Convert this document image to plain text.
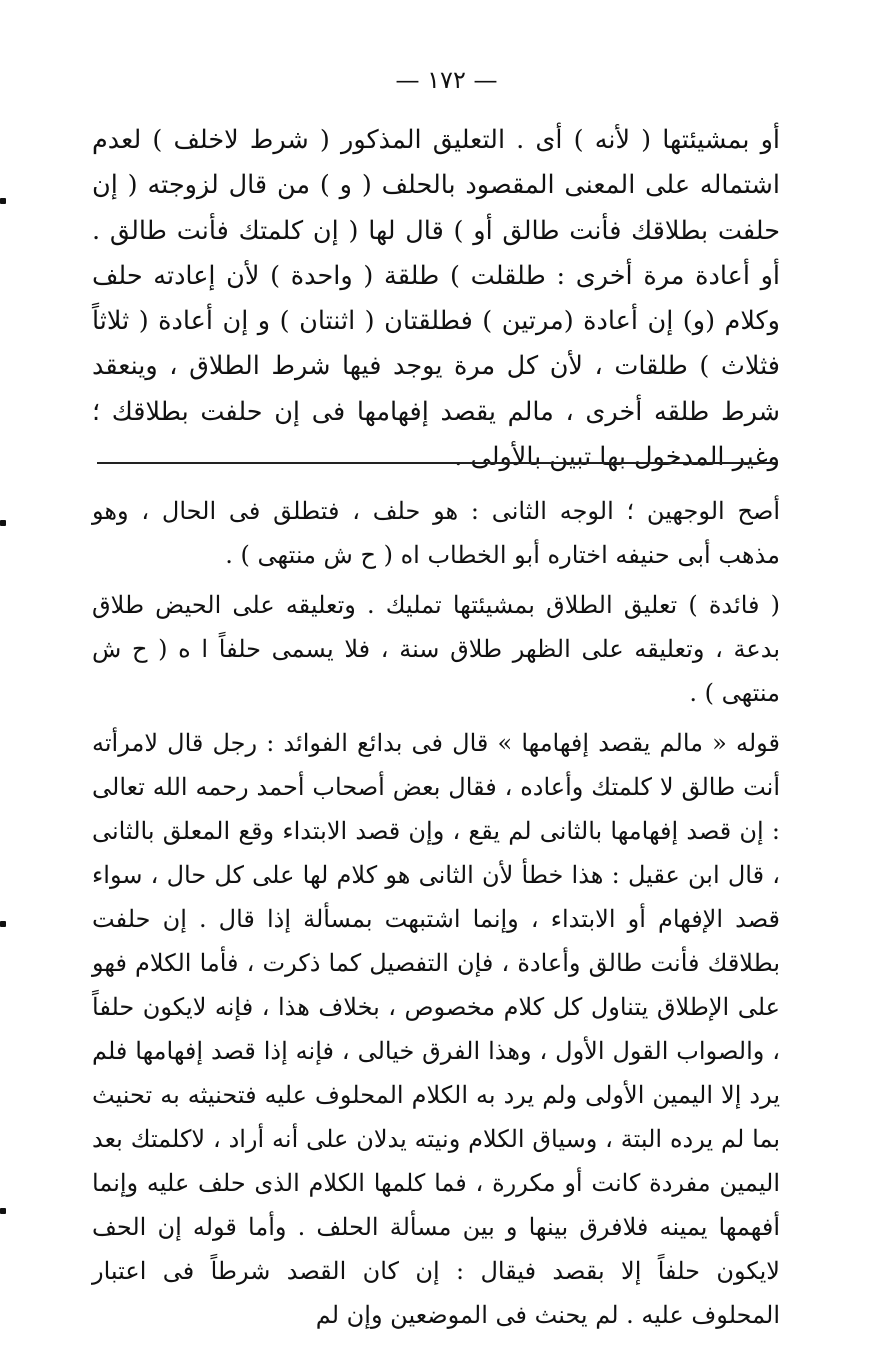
— ١٧٢ —

أو بمشيئتها ( لأنه ) أى . التعليق المذكور ( شرط لاخلف ) لعدم اشتماله على المعنى المقصود بالحلف ( و ) من قال لزوجته ( إن حلفت بطلاقك فأنت طالق أو ) قال لها ( إن كلمتك فأنت طالق . أو أعادة مرة أخرى : طلقلت ) طلقة ( واحدة ) لأن إعادته حلف وكلام (و) إن أعادة (مرتين ) فطلقتان ( اثنتان ) و إن أعادة ( ثلاثاً فثلاث ) طلقات ، لأن كل مرة يوجد فيها شرط الطلاق ، وينعقد شرط طلقه أخرى ، مالم يقصد إفهامها فى إن حلفت بطلاقك ؛ وغير المدخول بها تبين بالأولى .

أصح الوجهين ؛ الوجه الثانى : هو حلف ، فتطلق فى الحال ، وهو مذهب أبى حنيفه اختاره أبو الخطاب اه ( ح ش منتهى ) .

( فائدة ) تعليق الطلاق بمشيئتها تمليك . وتعليقه على الحيض طلاق بدعة ، وتعليقه على الظهر طلاق سنة ، فلا يسمى حلفاً ا ه ( ح ش منتهى ) .

قوله « مالم يقصد إفهامها » قال فى بدائع الفوائد : رجل قال لامرأته أنت طالق لا كلمتك وأعاده ، فقال بعض أصحاب أحمد رحمه الله تعالى : إن قصد إفهامها بالثانى لم يقع ، وإن قصد الابتداء وقع المعلق بالثانى ، قال ابن عقيل : هذا خطأ لأن الثانى هو كلام لها على كل حال ، سواء قصد الإفهام أو الابتداء ، وإنما اشتبهت بمسألة إذا قال . إن حلفت بطلاقك فأنت طالق وأعادة ، فإن التفصيل كما ذكرت ، فأما الكلام فهو على الإطلاق يتناول كل كلام مخصوص ، بخلاف هذا ، فإنه لايكون حلفاً ، والصواب القول الأول ، وهذا الفرق خيالى ، فإنه إذا قصد إفهامها فلم يرد إلا اليمين الأولى ولم يرد به الكلام المحلوف عليه فتحنيثه به تحنيث بما لم يرده البتة ، وسياق الكلام ونيته يدلان على أنه أراد ، لاكلمتك بعد اليمين مفردة كانت أو مكررة ، فما كلمها الكلام الذى حلف عليه وإنما أفهمها يمينه فلافرق بينها و بين مسألة الحلف . وأما قوله إن الحف لايكون حلفاً إلا بقصد فيقال : إن كان القصد شرطاً فى اعتبار المحلوف عليه . لم يحنث فى الموضعين وإن لم
